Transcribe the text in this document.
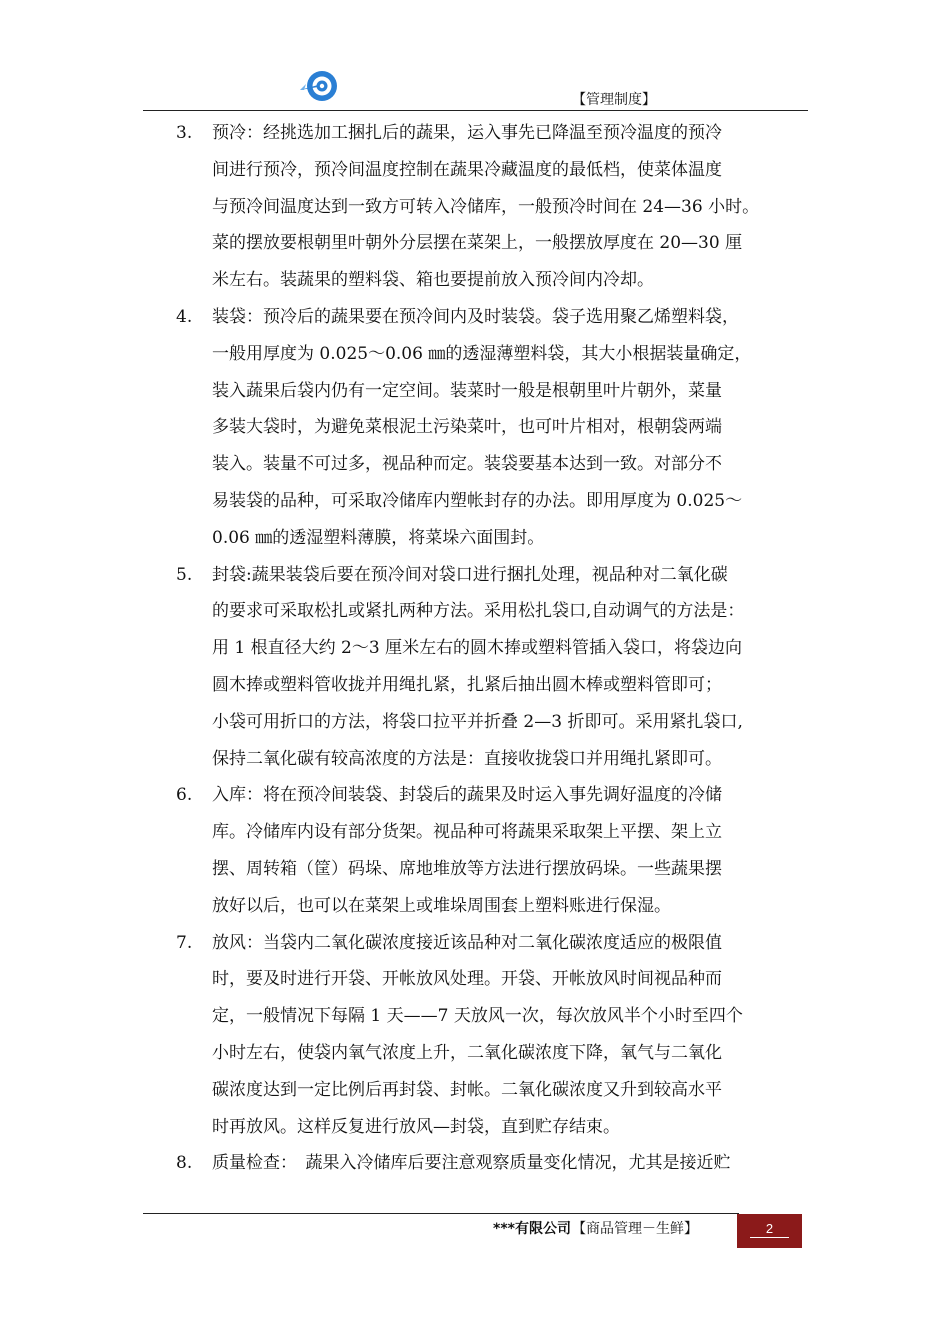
【管理制度】
3.	预冷：经挑选加工捆扎后的蔬果，运入事先已降温至预冷温度的预冷
间进行预冷，预冷间温度控制在蔬果冷藏温度的最低档，使菜体温度
与预冷间温度达到一致方可转入冷储库，一般预冷时间在 24—36 小时。
菜的摆放要根朝里叶朝外分层摆在菜架上，一般摆放厚度在 20—30 厘
米左右。装蔬果的塑料袋、箱也要提前放入预冷间内冷却。
4.	装袋：预冷后的蔬果要在预冷间内及时装袋。袋子选用聚乙烯塑料袋，
一般用厚度为 0.025～0.06 ㎜的透湿薄塑料袋，其大小根据装量确定，
装入蔬果后袋内仍有一定空间。装菜时一般是根朝里叶片朝外，菜量
多装大袋时，为避免菜根泥土污染菜叶，也可叶片相对，根朝袋两端
装入。装量不可过多，视品种而定。装袋要基本达到一致。对部分不
易装袋的品种，可采取冷储库内塑帐封存的办法。即用厚度为 0.025～
0.06 ㎜的透湿塑料薄膜，将菜垛六面围封。
5.	封袋:蔬果装袋后要在预冷间对袋口进行捆扎处理，视品种对二氧化碳
的要求可采取松扎或紧扎两种方法。采用松扎袋口,自动调气的方法是：
用 1 根直径大约 2～3 厘米左右的圆木捧或塑料管插入袋口，将袋边向
圆木捧或塑料管收拢并用绳扎紧，扎紧后抽出圆木棒或塑料管即可；
小袋可用折口的方法，将袋口拉平并折叠 2—3 折即可。采用紧扎袋口,
保持二氧化碳有较高浓度的方法是：直接收拢袋口并用绳扎紧即可。
6.	入库：将在预冷间装袋、封袋后的蔬果及时运入事先调好温度的冷储
库。冷储库内设有部分货架。视品种可将蔬果采取架上平摆、架上立
摆、周转箱（筐）码垛、席地堆放等方法进行摆放码垛。一些蔬果摆
放好以后，也可以在菜架上或堆垛周围套上塑料账进行保湿。
7.	放风：当袋内二氧化碳浓度接近该品种对二氧化碳浓度适应的极限值
时，要及时进行开袋、开帐放风处理。开袋、开帐放风时间视品种而
定，一般情况下每隔 1 天——7 天放风一次，每次放风半个小时至四个
小时左右，使袋内氧气浓度上升，二氧化碳浓度下降，氧气与二氧化
碳浓度达到一定比例后再封袋、封帐。二氧化碳浓度又升到较高水平
时再放风。这样反复进行放风—封袋，直到贮存结束。
8.	质量检查：　蔬果入冷储库后要注意观察质量变化情况，尤其是接近贮
***有限公司 【商品管理－生鲜】	2
